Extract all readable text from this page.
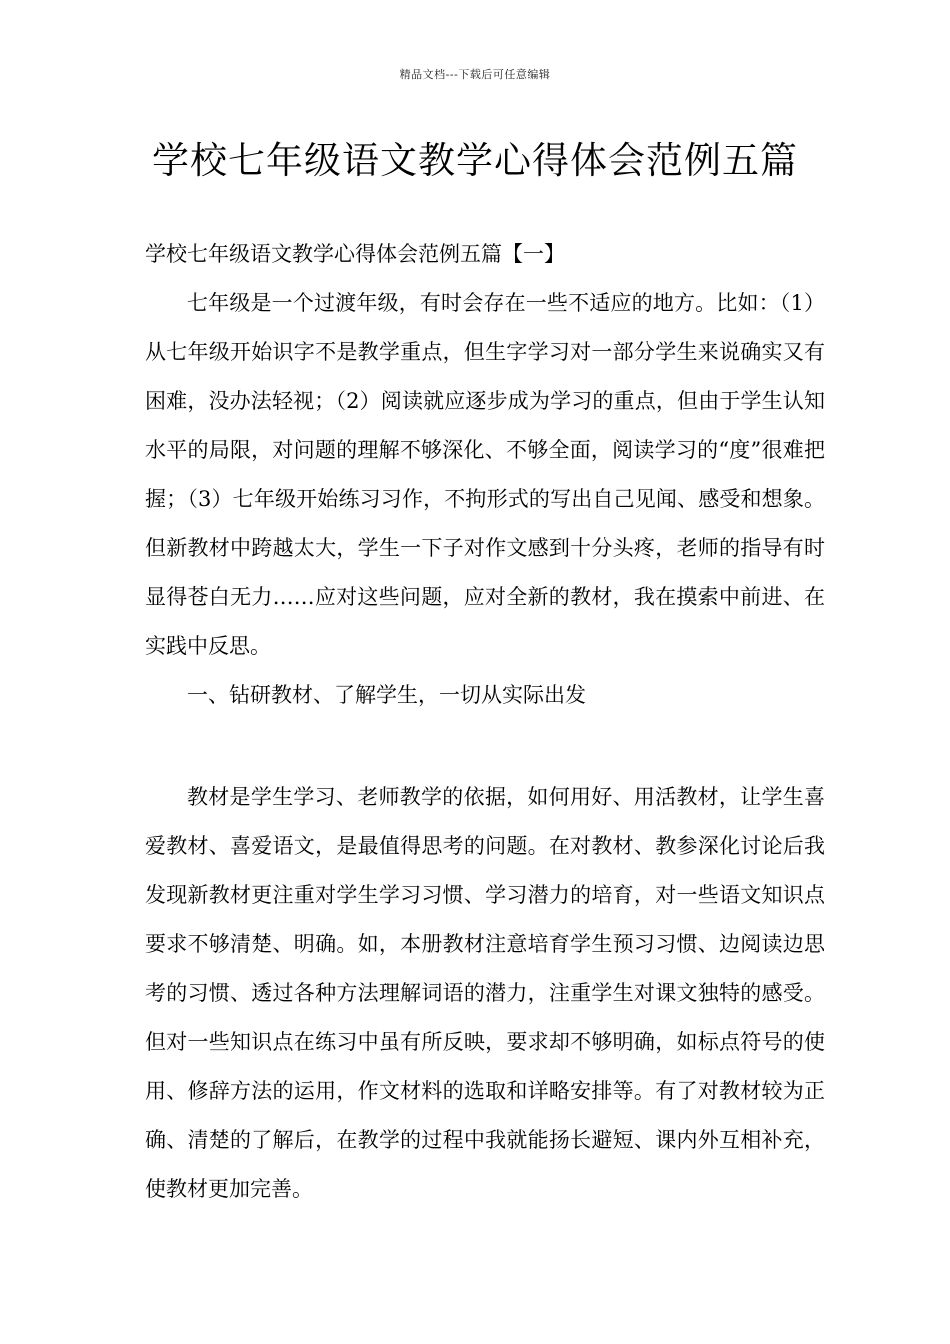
精品文档---下载后可任意编辑
学校七年级语文教学心得体会范例五篇

学校七年级语文教学心得体会范例五篇【一】

七年级是一个过渡年级，有时会存在一些不适应的地方。比如：（1）从七年级开始识字不是教学重点，但生字学习对一部分学生来说确实又有困难，没办法轻视；（2）阅读就应逐步成为学习的重点，但由于学生认知水平的局限，对问题的理解不够深化、不够全面，阅读学习的“度”很难把握；（3）七年级开始练习习作，不拘形式的写出自己见闻、感受和想象。但新教材中跨越太大，学生一下子对作文感到十分头疼，老师的指导有时显得苍白无力……应对这些问题，应对全新的教材，我在摸索中前进、在实践中反思。

一、钻研教材、了解学生，一切从实际出发

教材是学生学习、老师教学的依据，如何用好、用活教材，让学生喜爱教材、喜爱语文，是最值得思考的问题。在对教材、教参深化讨论后我发现新教材更注重对学生学习习惯、学习潜力的培育，对一些语文知识点要求不够清楚、明确。如，本册教材注意培育学生预习习惯、边阅读边思考的习惯、透过各种方法理解词语的潜力，注重学生对课文独特的感受。但对一些知识点在练习中虽有所反映，要求却不够明确，如标点符号的使用、修辞方法的运用，作文材料的选取和详略安排等。有了对教材较为正确、清楚的了解后，在教学的过程中我就能扬长避短、课内外互相补充，使教材更加完善。
